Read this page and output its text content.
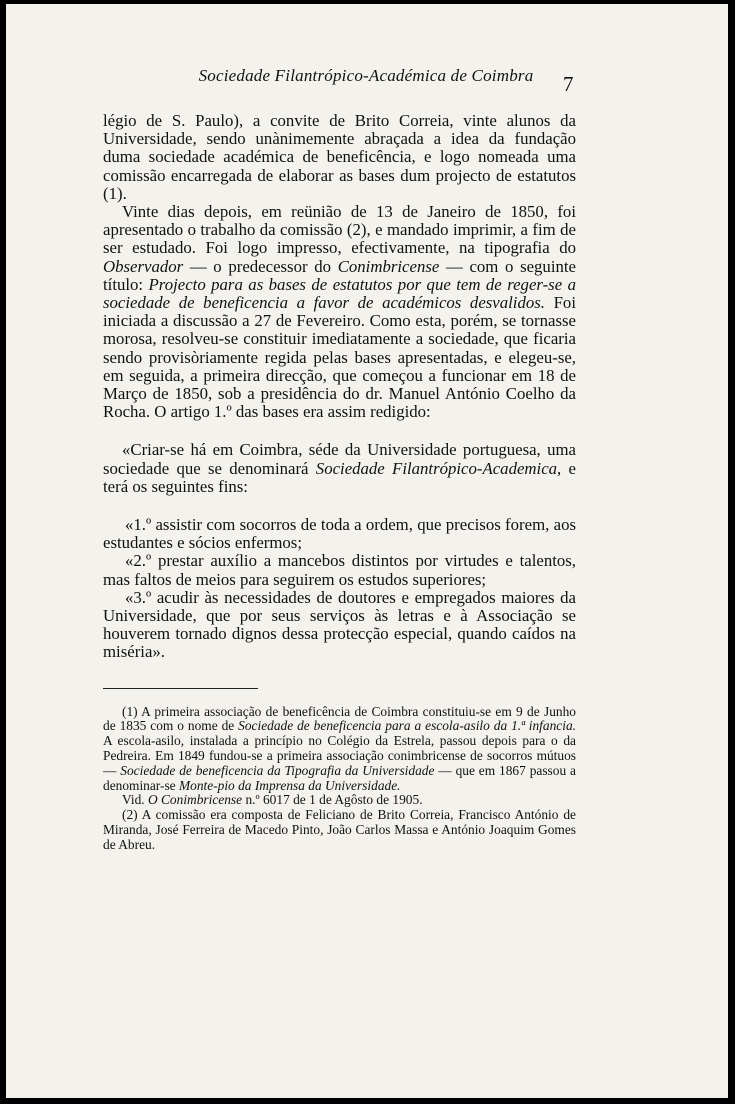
Sociedade Filantrópico-Académica de Coimbra	7

légio de S. Paulo), a convite de Brito Correia, vinte alunos da Universidade, sendo unànimemente abraçada a idea da fundação duma sociedade académica de beneficência, e logo nomeada uma comissão encarregada de elaborar as bases dum projecto de estatutos (1).

Vinte dias depois, em reünião de 13 de Janeiro de 1850, foi apresentado o trabalho da comissão (2), e mandado imprimir, a fim de ser estudado. Foi logo impresso, efectivamente, na tipografia do Observador — o predecessor do Conimbricense — com o seguinte título: Projecto para as bases de estatutos por que tem de reger-se a sociedade de beneficencia a favor de académicos desvalidos. Foi iniciada a discussão a 27 de Fevereiro. Como esta, porém, se tornasse morosa, resolveu-se constituir imediatamente a sociedade, que ficaria sendo provisòriamente regida pelas bases apresentadas, e elegeu-se, em seguida, a primeira direcção, que começou a funcionar em 18 de Março de 1850, sob a presidência do dr. Manuel António Coelho da Rocha. O artigo 1.º das bases era assim redigido:

«Criar-se há em Coimbra, séde da Universidade portuguesa, uma sociedade que se denominará Sociedade Filantrópico-Academica, e terá os seguintes fins:

«1.º assistir com socorros de toda a ordem, que precisos forem, aos estudantes e sócios enfermos;

«2.º prestar auxílio a mancebos distintos por virtudes e talentos, mas faltos de meios para seguirem os estudos superiores;

«3.º acudir às necessidades de doutores e empregados maiores da Universidade, que por seus serviços às letras e à Associação se houverem tornado dignos dessa protecção especial, quando caídos na miséria».

(1) A primeira associação de beneficência de Coimbra constituiu-se em 9 de Junho de 1835 com o nome de Sociedade de beneficencia para a escola-asilo da 1.ª infancia. A escola-asilo, instalada a princípio no Colégio da Estrela, passou depois para o da Pedreira. Em 1849 fundou-se a primeira associação conimbricense de socorros mútuos — Sociedade de beneficencia da Tipografia da Universidade — que em 1867 passou a denominar-se Monte-pio da Imprensa da Universidade.

Vid. O Conimbricense n.º 6017 de 1 de Agôsto de 1905.

(2) A comissão era composta de Feliciano de Brito Correia, Francisco António de Miranda, José Ferreira de Macedo Pinto, João Carlos Massa e António Joaquim Gomes de Abreu.
